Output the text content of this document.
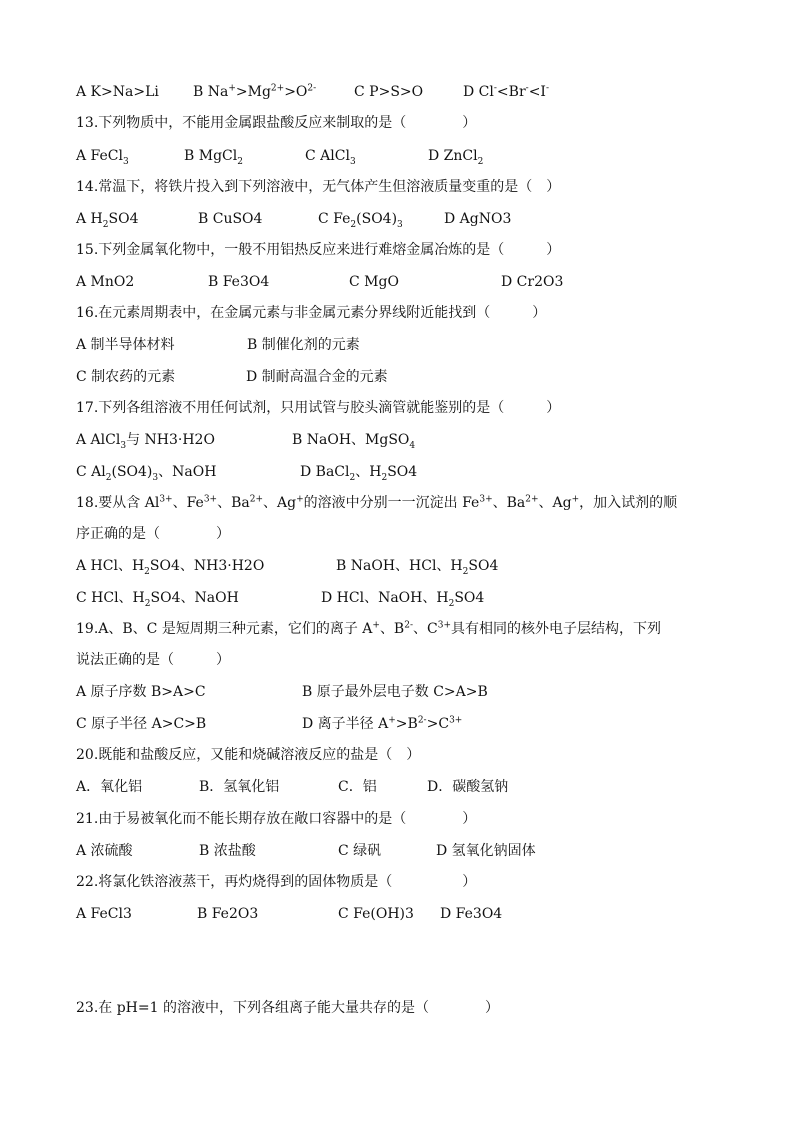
A K>Na>Li B $Na^+>Mg^{2+}>O^{2-}$	C P>S>O	D Cl-<Br-<I-
13.下列物质中，不能用金属跟盐酸反应来制取的是（　　　　）
A FeCl$_3$	B MgCl$_2$	C AlCl$_3$	D ZnCl$_2$
14.常温下，将铁片投入到下列溶液中，无气体产生但溶液质量变重的是（　）
A $H_2SO4$	B CuSO4	C $Fe_2(SO4)_3$	D AgNO3
15.下列金属氧化物中，一般不用铝热反应来进行难熔金属冶炼的是（　　　）
A MnO2	B Fe3O4	C MgO	D Cr2O3
16.在元素周期表中，在金属元素与非金属元素分界线附近能找到（　　　）
A 制半导体材料	B 制催化剂的元素
C 制农药的元素	D 制耐高温合金的元素
17.下列各组溶液不用任何试剂，只用试管与胶头滴管就能鉴别的是（　　　）
A AlCl$_3$与 NH3·H2O	B NaOH、MgSO$_4$
C $Al_2(SO4)_3$、NaOH	D BaCl$_2$、$H_2SO4$
18.要从含 $Al^{3+}$、$Fe^{3+}$、$Ba^{2+}$、Ag+的溶液中分别一一沉淀出 $Fe^{3+}$、$Ba^{2+}$、Ag+，加入试剂的顺
序正确的是（　　　　）
A HCl、$H_2SO4$、NH3·H2O	B NaOH、HCl、$H_2SO4$
C HCl、$H_2SO4$、NaOH	D HCl、NaOH、$H_2SO4$
19.A、B、C 是短周期三种元素，它们的离子 A+、$B^{2-}$、$C^{3+}$具有相同的核外电子层结构，下列
说法正确的是（　　　）
A 原子序数 B>A>C	B 原子最外层电子数 C>A>B
C 原子半径 A>C>B	D 离子半径 $A^+>B^{2-}>C^{3+}$
20.既能和盐酸反应，又能和烧碱溶液反应的盐是（　）
A．氧化铝	B．氢氧化铝	C．铝	D．碳酸氢钠
21.由于易被氧化而不能长期存放在敞口容器中的是（　　　　）
A 浓硫酸	B 浓盐酸	C 绿矾	D 氢氧化钠固体
22.将氯化铁溶液蒸干，再灼烧得到的固体物质是（　　　　　）
A FeCl3	B Fe2O3	C Fe(OH)3 D Fe3O4
23.在 pH=1 的溶液中，下列各组离子能大量共存的是（　　　　）
